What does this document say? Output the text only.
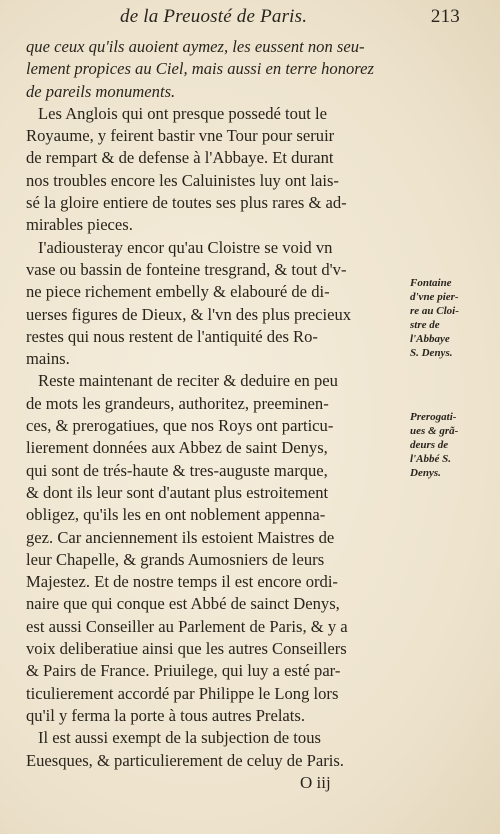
de la Preuosté de Paris.	213
que ceux qu'ils auoient aymez, les eussent non seu-
lement propices au Ciel, mais aussi en terre honorez
de pareils monuments.
Les Anglois qui ont presque possedé tout le
Royaume, y feirent bastir vne Tour pour seruir
de rempart & de defense à l'Abbaye. Et durant
nos troubles encore les Caluinistes luy ont lais-
sé la gloire entiere de toutes ses plus rares & ad-
mirables pieces.
I'adiousteray encor qu'au Cloistre se void vn
vase ou bassin de fonteine tresgrand, & tout d'v-
ne piece richement embelly & elabouré de di-
uerses figures de Dieux, & l'vn des plus precieux
restes qui nous restent de l'antiquité des Ro-
mains.
Reste maintenant de reciter & deduire en peu
de mots les grandeurs, authoritez, preeminen-
ces, & prerogatiues, que nos Roys ont particu-
lierement données aux Abbez de saint Denys,
qui sont de trés-haute & tres-auguste marque,
& dont ils leur sont d'autant plus estroitement
obligez, qu'ils les en ont noblement appenna-
gez. Car anciennement ils estoient Maistres de
leur Chapelle, & grands Aumosniers de leurs
Majestez. Et de nostre temps il est encore ordi-
naire que qui conque est Abbé de sainct Denys,
est aussi Conseiller au Parlement de Paris, & y a
voix deliberatiue ainsi que les autres Conseillers
& Pairs de France. Priuilege, qui luy a esté par-
ticulierement accordé par Philippe le Long lors
qu'il y ferma la porte à tous autres Prelats.
Il est aussi exempt de la subjection de tous
Euesques, & particulierement de celuy de Paris.
Fontaine
d'vne pier-
re au Cloi-
stre de
l'Abbaye
S. Denys.
Prerogati-
ues & grã-
deurs de
l'Abbé S.
Denys.
O iij
